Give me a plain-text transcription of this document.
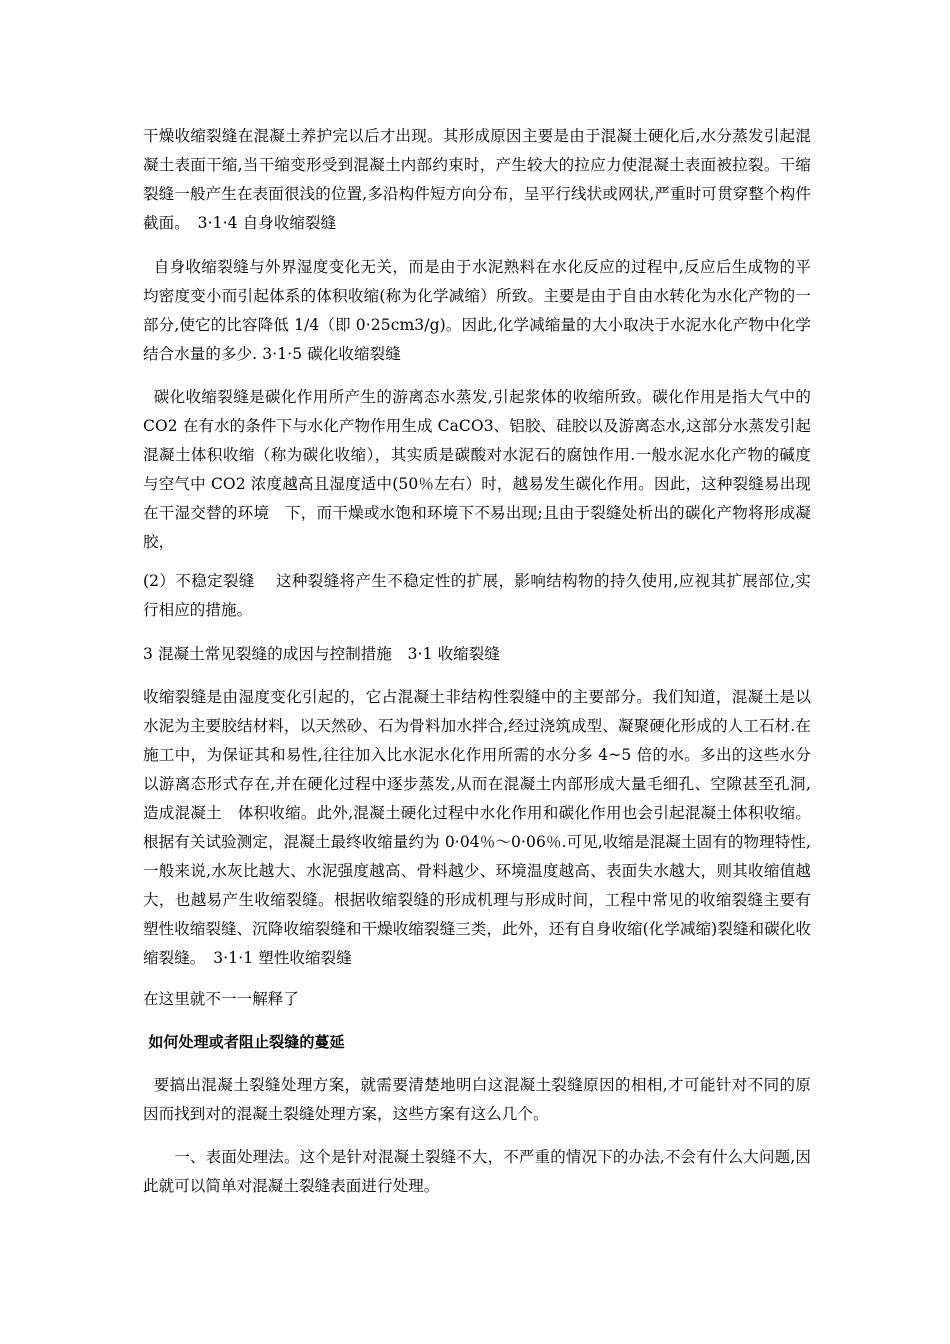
干燥收缩裂缝在混凝土养护完以后才出现。其形成原因主要是由于混凝土硬化后,水分蒸发引起混凝土表面干缩,当干缩变形受到混凝土内部约束时，产生较大的拉应力使混凝土表面被拉裂。干缩裂缝一般产生在表面很浅的位置,多沿构件短方向分布，呈平行线状或网状,严重时可贯穿整个构件截面。　3·1·4 自身收缩裂缝

自身收缩裂缝与外界湿度变化无关，而是由于水泥熟料在水化反应的过程中,反应后生成物的平均密度变小而引起体系的体积收缩(称为化学减缩）所致。主要是由于自由水转化为水化产物的一部分,使它的比容降低 1/4（即 0·25cm3/g)。因此,化学减缩量的大小取决于水泥水化产物中化学结合水量的多少. 3·1·5 碳化收缩裂缝

碳化收缩裂缝是碳化作用所产生的游离态水蒸发,引起浆体的收缩所致。碳化作用是指大气中的 CO2 在有水的条件下与水化产物作用生成 CaCO3、铝胶、硅胶以及游离态水,这部分水蒸发引起混凝土体积收缩（称为碳化收缩），其实质是碳酸对水泥石的腐蚀作用.一般水泥水化产物的碱度与空气中 CO2 浓度越高且湿度适中(50％左右）时，越易发生碳化作用。因此，这种裂缝易出现在干湿交替的环境　下，而干燥或水饱和环境下不易出现;且由于裂缝处析出的碳化产物将形成凝胶，

(2）不稳定裂缝　 这种裂缝将产生不稳定性的扩展，影响结构物的持久使用,应视其扩展部位,实行相应的措施。

3 混凝土常见裂缝的成因与控制措施　3·1 收缩裂缝

收缩裂缝是由湿度变化引起的，它占混凝土非结构性裂缝中的主要部分。我们知道，混凝土是以水泥为主要胶结材料，以天然砂、石为骨料加水拌合,经过浇筑成型、凝聚硬化形成的人工石材.在施工中，为保证其和易性,往往加入比水泥水化作用所需的水分多 4~5 倍的水。多出的这些水分以游离态形式存在,并在硬化过程中逐步蒸发,从而在混凝土内部形成大量毛细孔、空隙甚至孔洞,造成混凝土　体积收缩。此外,混凝土硬化过程中水化作用和碳化作用也会引起混凝土体积收缩。根据有关试验测定，混凝土最终收缩量约为 0·04％～0·06％.可见,收缩是混凝土固有的物理特性,一般来说,水灰比越大、水泥强度越高、骨料越少、环境温度越高、表面失水越大，则其收缩值越大，也越易产生收缩裂缝。根据收缩裂缝的形成机理与形成时间，工程中常见的收缩裂缝主要有塑性收缩裂缝、沉降收缩裂缝和干燥收缩裂缝三类，此外，还有自身收缩(化学减缩)裂缝和碳化收缩裂缝。　3·1·1 塑性收缩裂缝

在这里就不一一解释了

如何处理或者阻止裂缝的蔓延

要搞出混凝土裂缝处理方案，就需要清楚地明白这混凝土裂缝原因的相相,才可能针对不同的原因而找到对的混凝土裂缝处理方案，这些方案有这么几个。

　　一、表面处理法。这个是针对混凝土裂缝不大，不严重的情况下的办法,不会有什么大问题,因此就可以简单对混凝土裂缝表面进行处理。
